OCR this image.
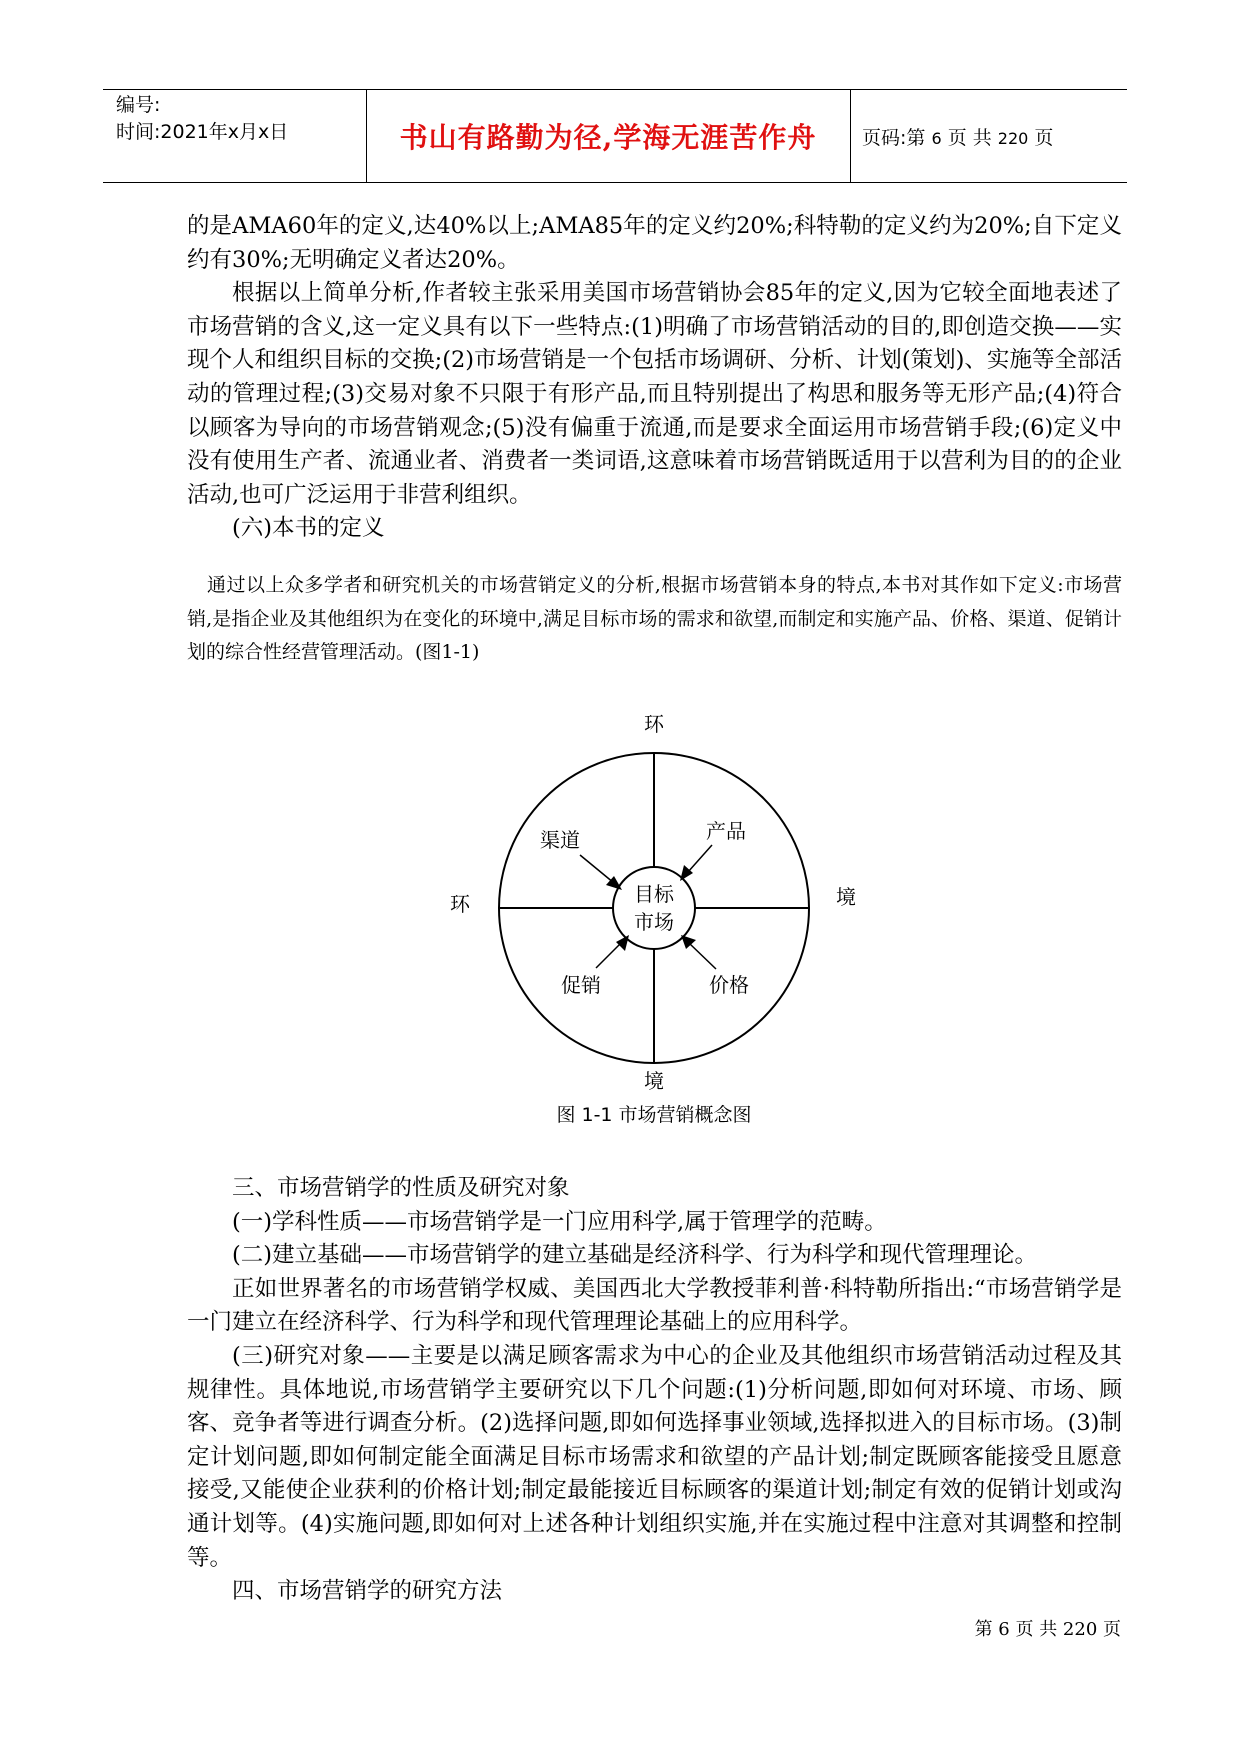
编号:
时间:2021年x月x日	书山有路勤为径,学海无涯苦作舟	页码:第 6 页 共 220 页

的是AMA60年的定义,达40%以上;AMA85年的定义约20%;科特勒的定义约为20%;自下定义约有30%;无明确定义者达20%。

根据以上简单分析,作者较主张采用美国市场营销协会85年的定义,因为它较全面地表述了市场营销的含义,这一定义具有以下一些特点:(1)明确了市场营销活动的目的,即创造交换——实现个人和组织目标的交换;(2)市场营销是一个包括市场调研、分析、计划(策划)、实施等全部活动的管理过程;(3)交易对象不只限于有形产品,而且特别提出了构思和服务等无形产品;(4)符合以顾客为导向的市场营销观念;(5)没有偏重于流通,而是要求全面运用市场营销手段;(6)定义中没有使用生产者、流通业者、消费者一类词语,这意味着市场营销既适用于以营利为目的的企业活动,也可广泛运用于非营利组织。

(六)本书的定义

通过以上众多学者和研究机关的市场营销定义的分析,根据市场营销本身的特点,本书对其作如下定义:市场营销,是指企业及其他组织为在变化的环境中,满足目标市场的需求和欲望,而制定和实施产品、价格、渠道、促销计划的综合性经营管理活动。(图1-1)

环
环	境
境
目标
市场
渠道	产品
促销	价格
图 1-1 市场营销概念图

三、市场营销学的性质及研究对象

(一)学科性质——市场营销学是一门应用科学,属于管理学的范畴。

(二)建立基础——市场营销学的建立基础是经济科学、行为科学和现代管理理论。

正如世界著名的市场营销学权威、美国西北大学教授菲利普·科特勒所指出:“市场营销学是一门建立在经济科学、行为科学和现代管理理论基础上的应用科学。

(三)研究对象——主要是以满足顾客需求为中心的企业及其他组织市场营销活动过程及其规律性。具体地说,市场营销学主要研究以下几个问题:(1)分析问题,即如何对环境、市场、顾客、竞争者等进行调查分析。(2)选择问题,即如何选择事业领域,选择拟进入的目标市场。(3)制定计划问题,即如何制定能全面满足目标市场需求和欲望的产品计划;制定既顾客能接受且愿意接受,又能使企业获利的价格计划;制定最能接近目标顾客的渠道计划;制定有效的促销计划或沟通计划等。(4)实施问题,即如何对上述各种计划组织实施,并在实施过程中注意对其调整和控制等。

四、市场营销学的研究方法

第 6 页 共 220 页
